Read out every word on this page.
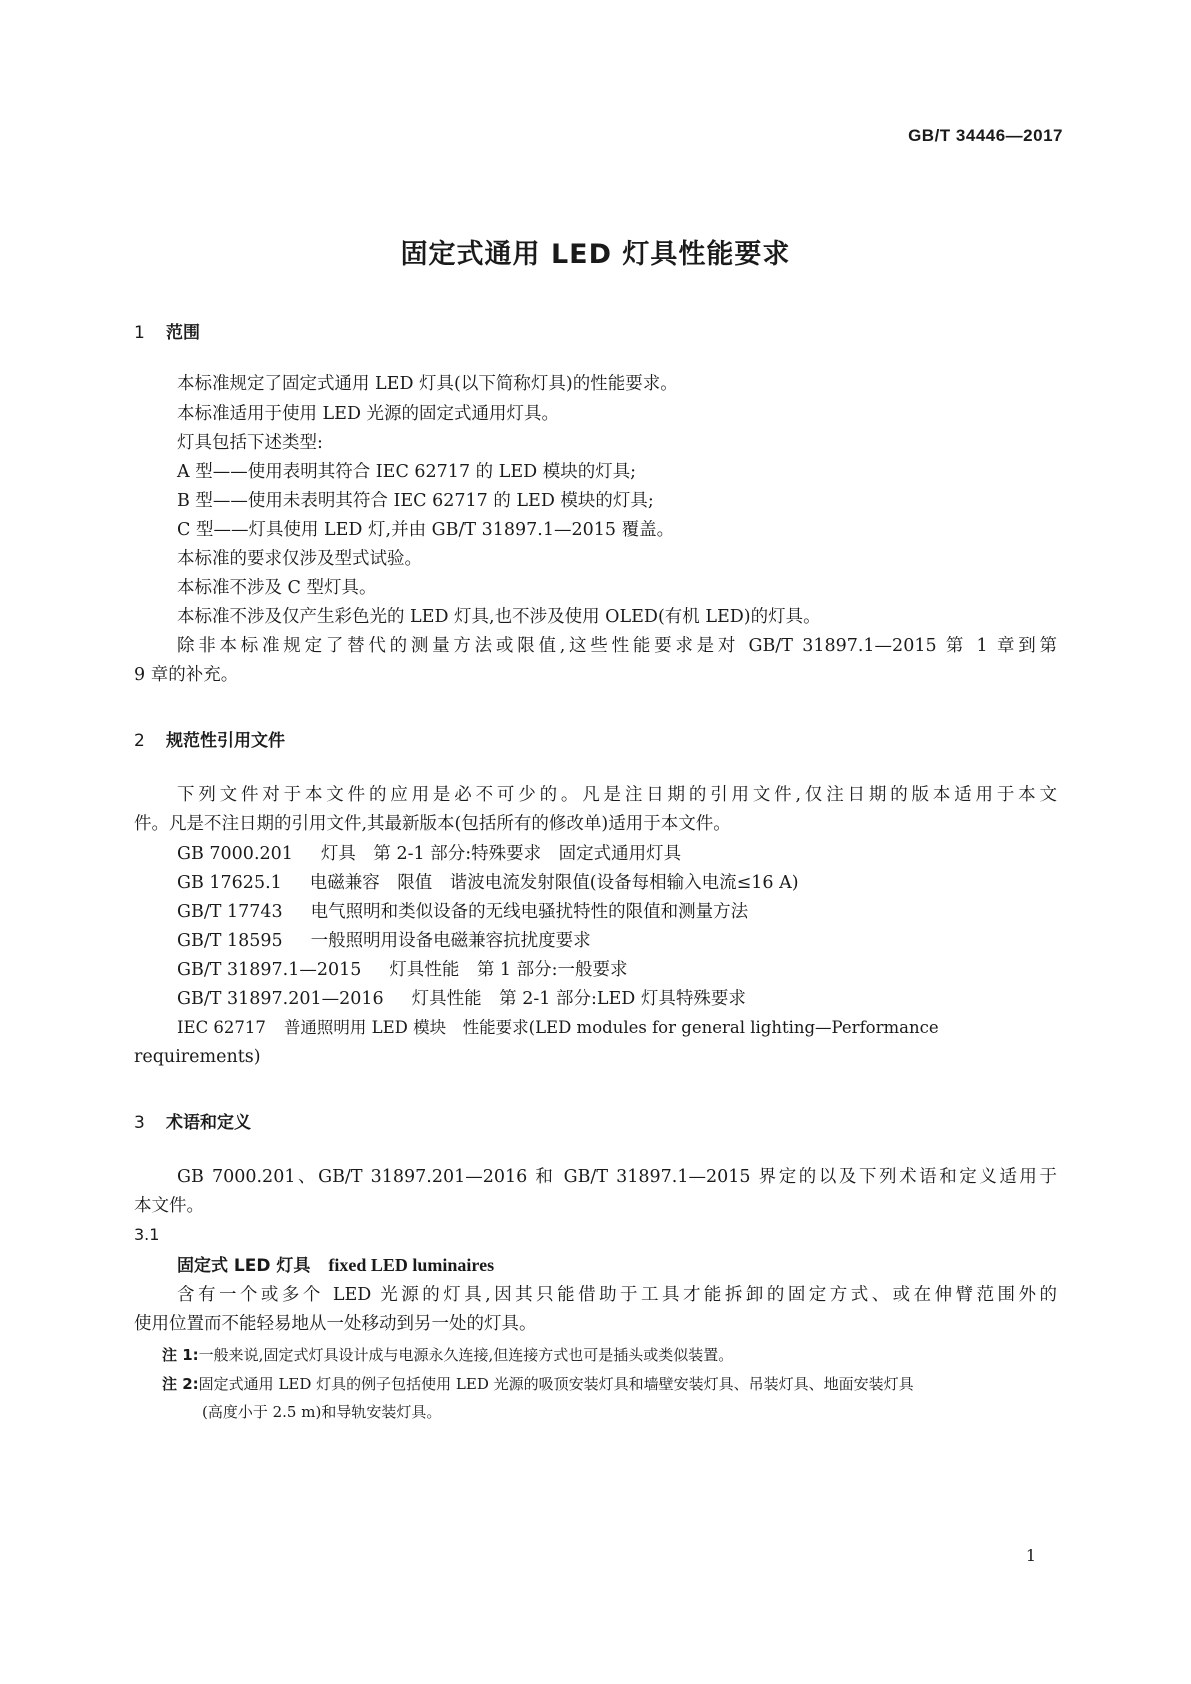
GB/T 34446—2017
固定式通用 LED 灯具性能要求
1 范围
本标准规定了固定式通用 LED 灯具(以下简称灯具)的性能要求。
本标准适用于使用 LED 光源的固定式通用灯具。
灯具包括下述类型:
A 型——使用表明其符合 IEC 62717 的 LED 模块的灯具;
B 型——使用未表明其符合 IEC 62717 的 LED 模块的灯具;
C 型——灯具使用 LED 灯,并由 GB/T 31897.1—2015 覆盖。
本标准的要求仅涉及型式试验。
本标准不涉及 C 型灯具。
本标准不涉及仅产生彩色光的 LED 灯具,也不涉及使用 OLED(有机 LED)的灯具。
除非本标准规定了替代的测量方法或限值,这些性能要求是对 GB/T 31897.1—2015 第 1 章到第
9 章的补充。
2 规范性引用文件
下列文件对于本文件的应用是必不可少的。凡是注日期的引用文件,仅注日期的版本适用于本文
件。凡是不注日期的引用文件,其最新版本(包括所有的修改单)适用于本文件。
GB 7000.201 灯具　第 2-1 部分:特殊要求　固定式通用灯具
GB 17625.1 电磁兼容　限值　谐波电流发射限值(设备每相输入电流≤16 A)
GB/T 17743 电气照明和类似设备的无线电骚扰特性的限值和测量方法
GB/T 18595 一般照明用设备电磁兼容抗扰度要求
GB/T 31897.1—2015 灯具性能　第 1 部分:一般要求
GB/T 31897.201—2016 灯具性能　第 2-1 部分:LED 灯具特殊要求
IEC 62717 普通照明用 LED 模块　性能要求(LED modules for general lighting—Performance
requirements)
3 术语和定义
GB 7000.201、GB/T 31897.201—2016 和 GB/T 31897.1—2015 界定的以及下列术语和定义适用于
本文件。
3.1
固定式 LED 灯具 fixed LED luminaires
含有一个或多个 LED 光源的灯具,因其只能借助于工具才能拆卸的固定方式、或在伸臂范围外的
使用位置而不能轻易地从一处移动到另一处的灯具。
注 1:一般来说,固定式灯具设计成与电源永久连接,但连接方式也可是插头或类似装置。
注 2:固定式通用 LED 灯具的例子包括使用 LED 光源的吸顶安装灯具和墙壁安装灯具、吊装灯具、地面安装灯具
(高度小于 2.5 m)和导轨安装灯具。
1
